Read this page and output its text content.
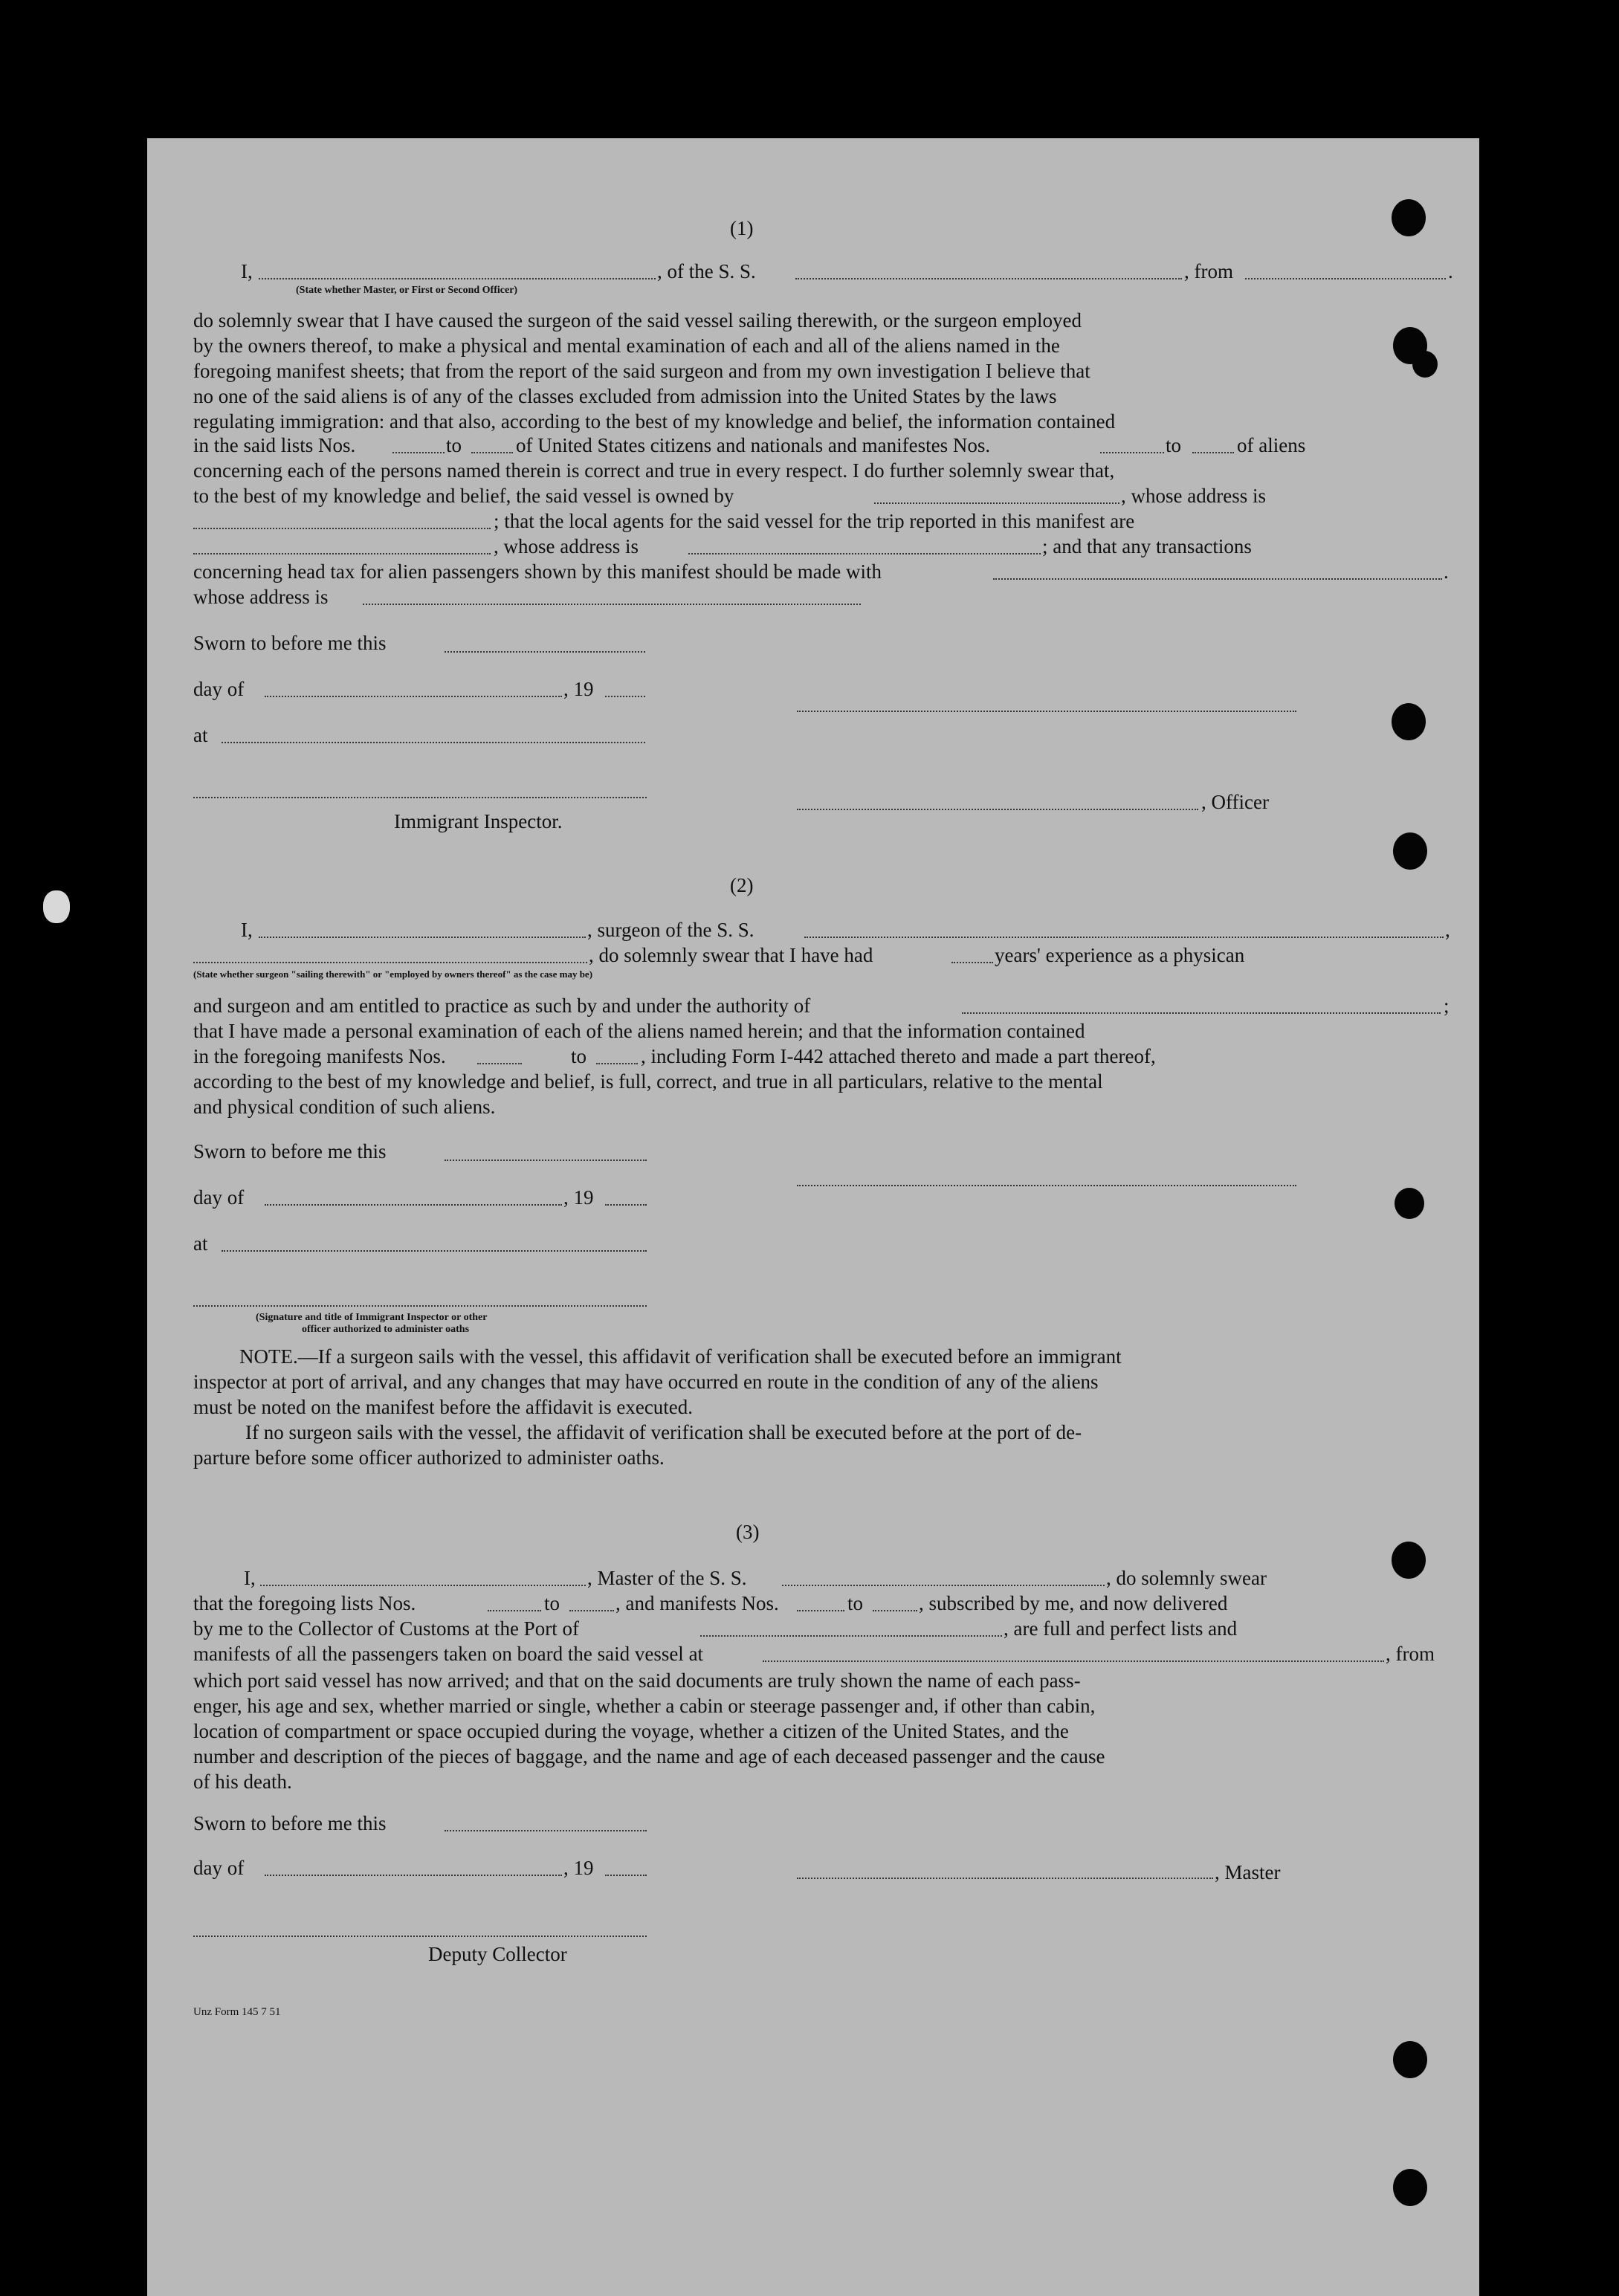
(1)
I,	, of the S. S.	, from	.
(State whether Master, or First or Second Officer)
do solemnly swear that I have caused the surgeon of the said vessel sailing therewith, or the surgeon employed
by the owners thereof, to make a physical and mental examination of each and all of the aliens named in the
foregoing manifest sheets; that from the report of the said surgeon and from my own investigation I believe that
no one of the said aliens is of any of the classes excluded from admission into the United States by the laws
regulating immigration: and that also, according to the best of my knowledge and belief, the information contained
in the said lists Nos.	to	of United States citizens and nationals and manifestes Nos.	to	of aliens
concerning each of the persons named therein is correct and true in every respect. I do further solemnly swear that,
to the best of my knowledge and belief, the said vessel is owned by	, whose address is
; that the local agents for the said vessel for the trip reported in this manifest are
, whose address is	; and that any transactions
concerning head tax for alien passengers shown by this manifest should be made with	.
whose address is
Sworn to before me this
day of	, 19
at
, Officer
Immigrant Inspector.
(2)
I,	, surgeon of the S. S.	,
, do solemnly swear that I have had	years' experience as a physican
(State whether surgeon "sailing therewith" or "employed by owners thereof" as the case may be)
and surgeon and am entitled to practice as such by and under the authority of	;
that I have made a personal examination of each of the aliens named herein; and that the information contained
in the foregoing manifests Nos.	to	, including Form I-442 attached thereto and made a part thereof,
according to the best of my knowledge and belief, is full, correct, and true in all particulars, relative to the mental
and physical condition of such aliens.
Sworn to before me this
day of	, 19
at
(Signature and title of Immigrant Inspector or other
officer authorized to administer oaths
NOTE.—If a surgeon sails with the vessel, this affidavit of verification shall be executed before an immigrant
inspector at port of arrival, and any changes that may have occurred en route in the condition of any of the aliens
must be noted on the manifest before the affidavit is executed.
If no surgeon sails with the vessel, the affidavit of verification shall be executed before at the port of de-
parture before some officer authorized to administer oaths.
(3)
I,	, Master of the S. S.	, do solemnly swear
that the foregoing lists Nos.	to	, and manifests Nos.	to	, subscribed by me, and now delivered
by me to the Collector of Customs at the Port of	, are full and perfect lists and
manifests of all the passengers taken on board the said vessel at	, from
which port said vessel has now arrived; and that on the said documents are truly shown the name of each pass-
enger, his age and sex, whether married or single, whether a cabin or steerage passenger and, if other than cabin,
location of compartment or space occupied during the voyage, whether a citizen of the United States, and the
number and description of the pieces of baggage, and the name and age of each deceased passenger and the cause
of his death.
Sworn to before me this
day of	, 19	, Master
Deputy Collector
Unz Form 145 7 51
